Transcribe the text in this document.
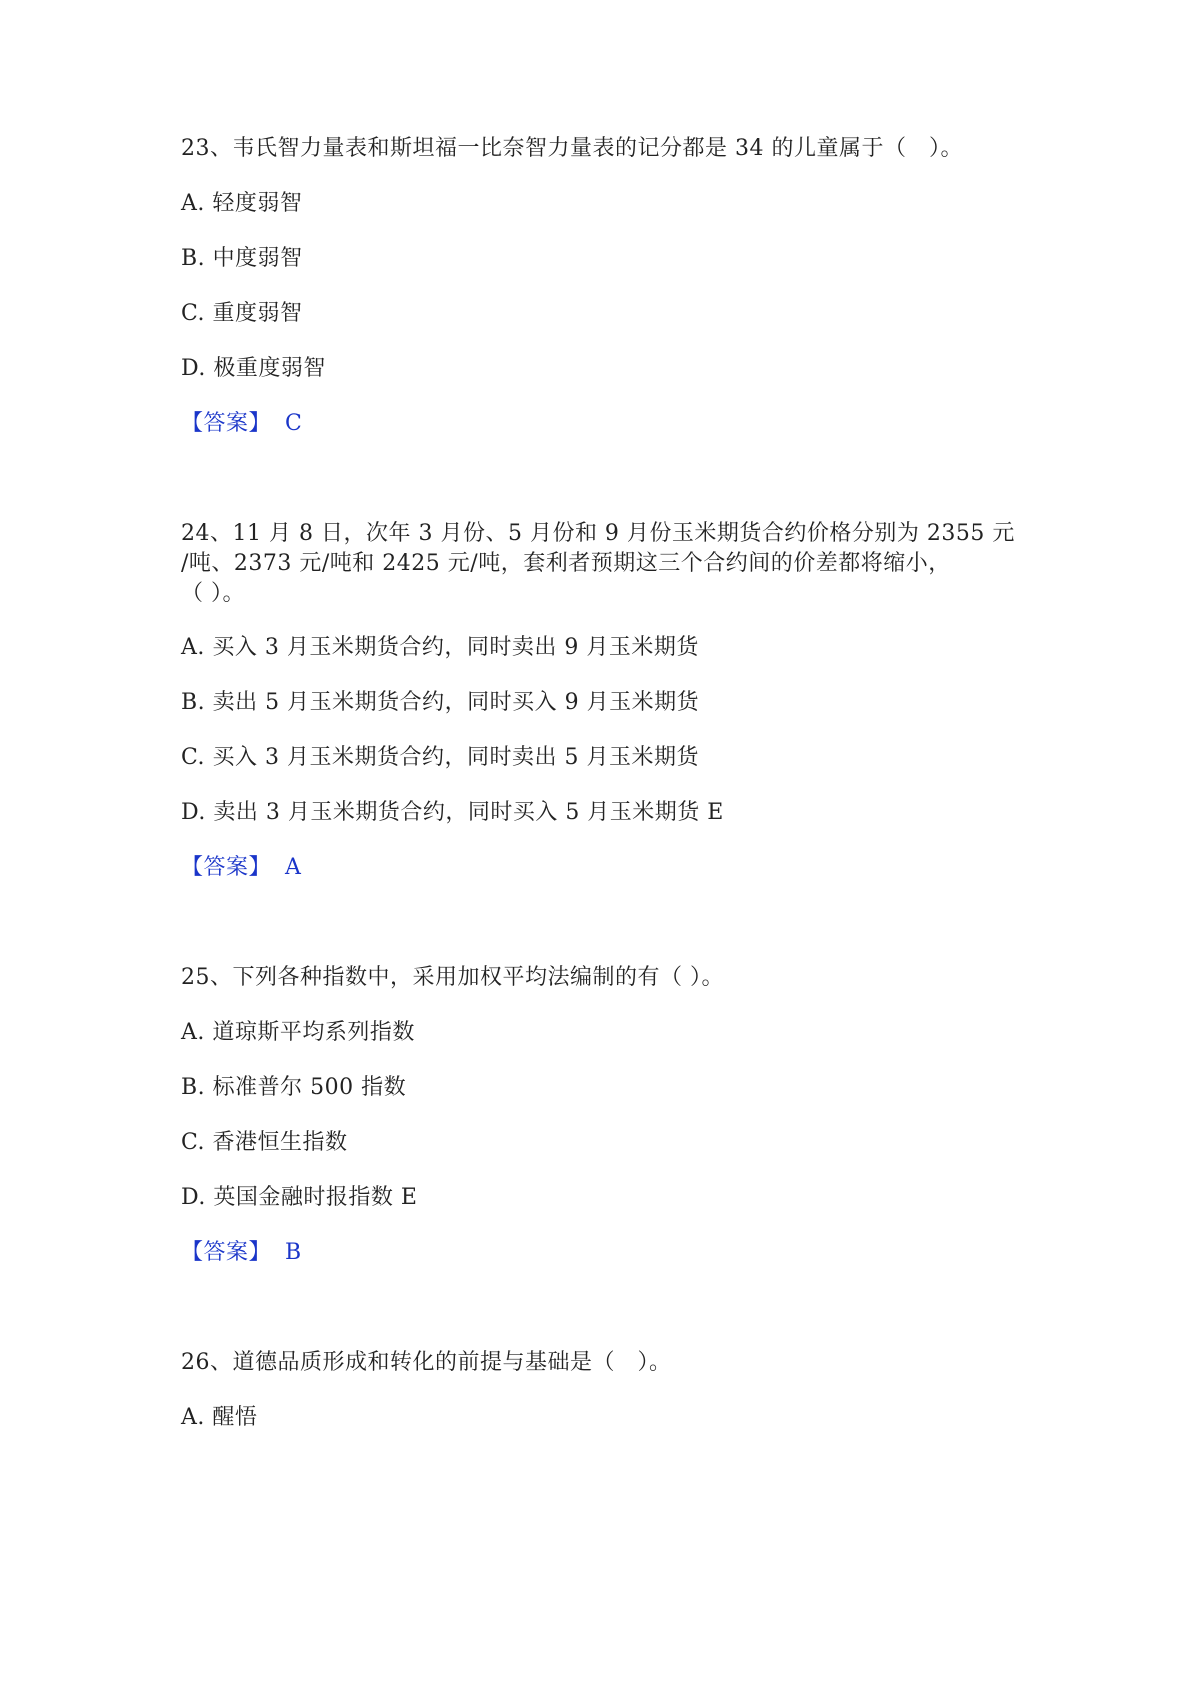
23、韦氏智力量表和斯坦福一比奈智力量表的记分都是 34 的儿童属于（　）。
A. 轻度弱智
B. 中度弱智
C. 重度弱智
D. 极重度弱智
【答案】 C
24、11 月 8 日，次年 3 月份、5 月份和 9 月份玉米期货合约价格分别为 2355 元
/吨、2373 元/吨和 2425 元/吨，套利者预期这三个合约间的价差都将缩小，
（ ）。
A. 买入 3 月玉米期货合约，同时卖出 9 月玉米期货
B. 卖出 5 月玉米期货合约，同时买入 9 月玉米期货
C. 买入 3 月玉米期货合约，同时卖出 5 月玉米期货
D. 卖出 3 月玉米期货合约，同时买入 5 月玉米期货 E
【答案】 A
25、下列各种指数中，采用加权平均法编制的有（ ）。
A. 道琼斯平均系列指数
B. 标准普尔 500 指数
C. 香港恒生指数
D. 英国金融时报指数 E
【答案】 B
26、道德品质形成和转化的前提与基础是（　）。
A. 醒悟
